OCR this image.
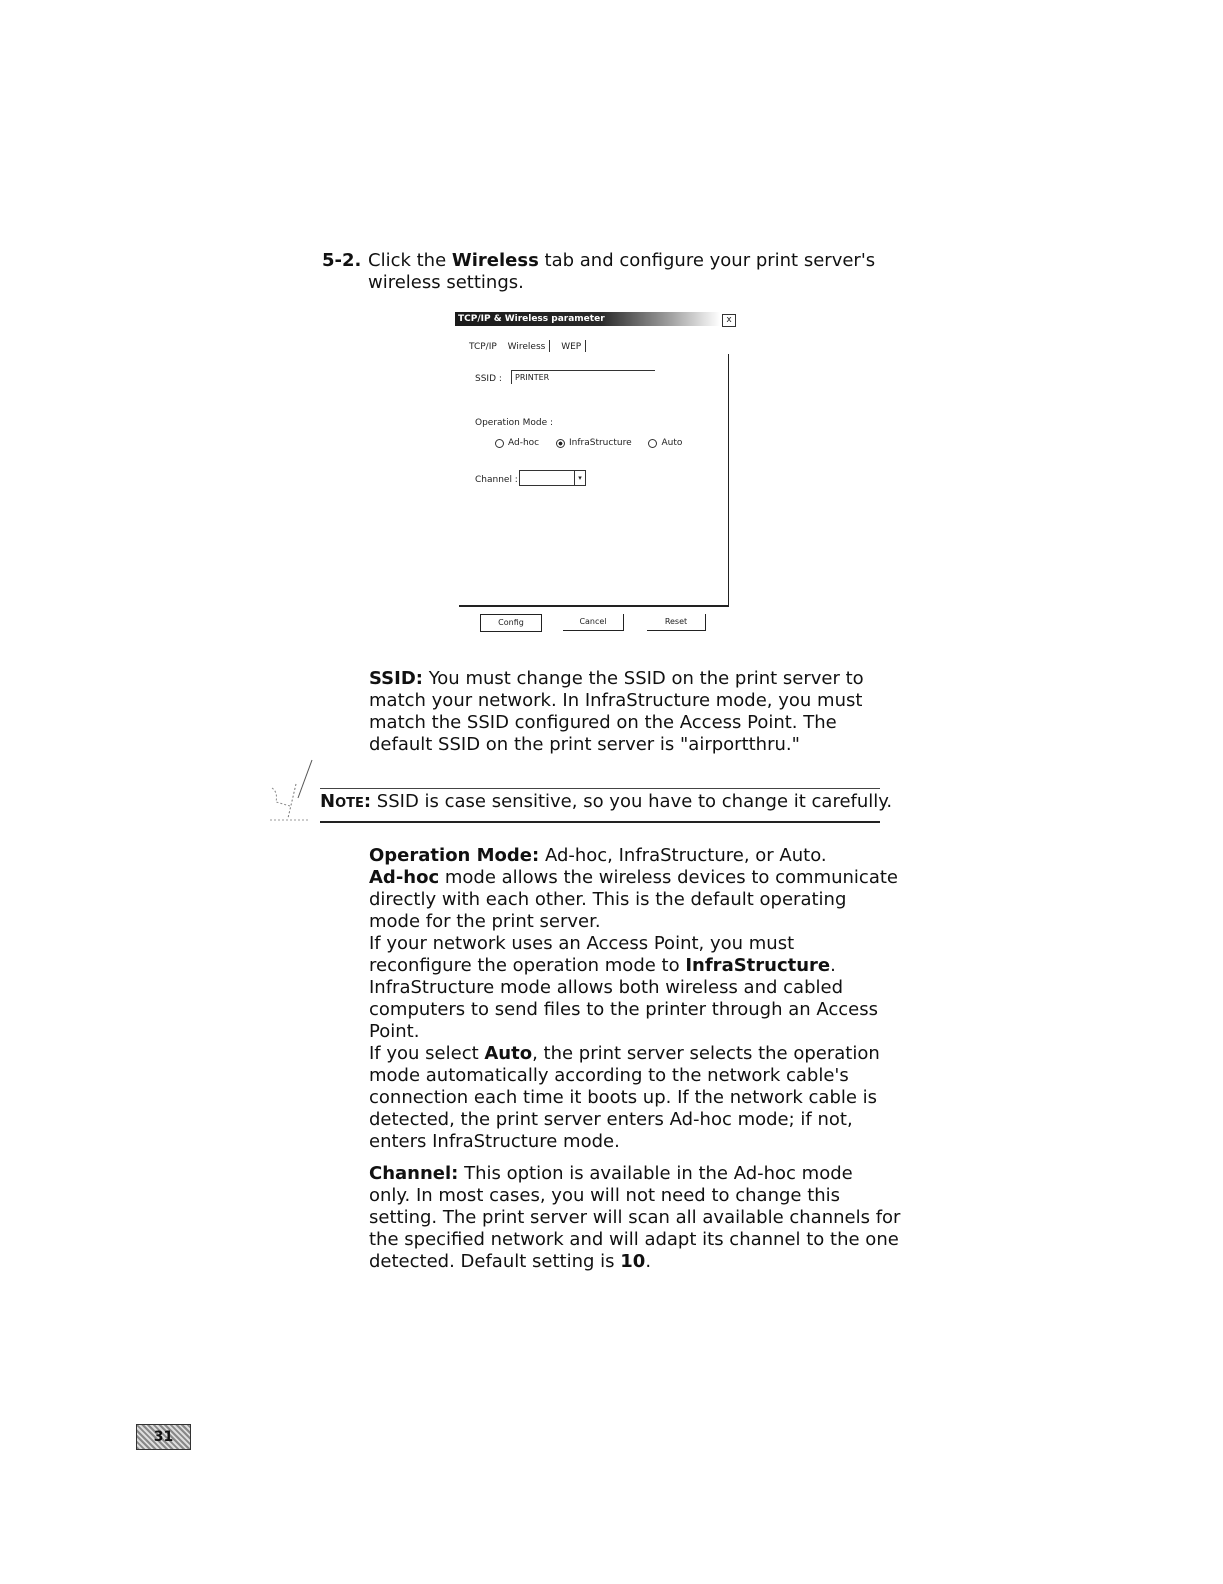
5-2. Click the Wireless tab and configure your print server's
wireless settings.
TCP/IP & Wireless parameter	x
TCP/IP Wireless WEP
SSID :	PRINTER
Operation Mode :
Ad-hoc
	InfraStructure
	Auto
Channel :	▾
Config	Cancel	Reset
SSID: You must change the SSID on the print server to
match your network. In InfraStructure mode, you must
match the SSID configured on the Access Point. The
default SSID on the print server is "airportthru."
Note: SSID is case sensitive, so you have to change it carefully.
Operation Mode: Ad-hoc, InfraStructure, or Auto.
Ad-hoc mode allows the wireless devices to communicate
directly with each other. This is the default operating
mode for the print server.
If your network uses an Access Point, you must
reconfigure the operation mode to InfraStructure.
InfraStructure mode allows both wireless and cabled
computers to send files to the printer through an Access
Point.
If you select Auto, the print server selects the operation
mode automatically according to the network cable's
connection each time it boots up. If the network cable is
detected, the print server enters Ad-hoc mode; if not,
enters InfraStructure mode.
Channel: This option is available in the Ad-hoc mode
only. In most cases, you will not need to change this
setting. The print server will scan all available channels for
the specified network and will adapt its channel to the one
detected. Default setting is 10.
31
